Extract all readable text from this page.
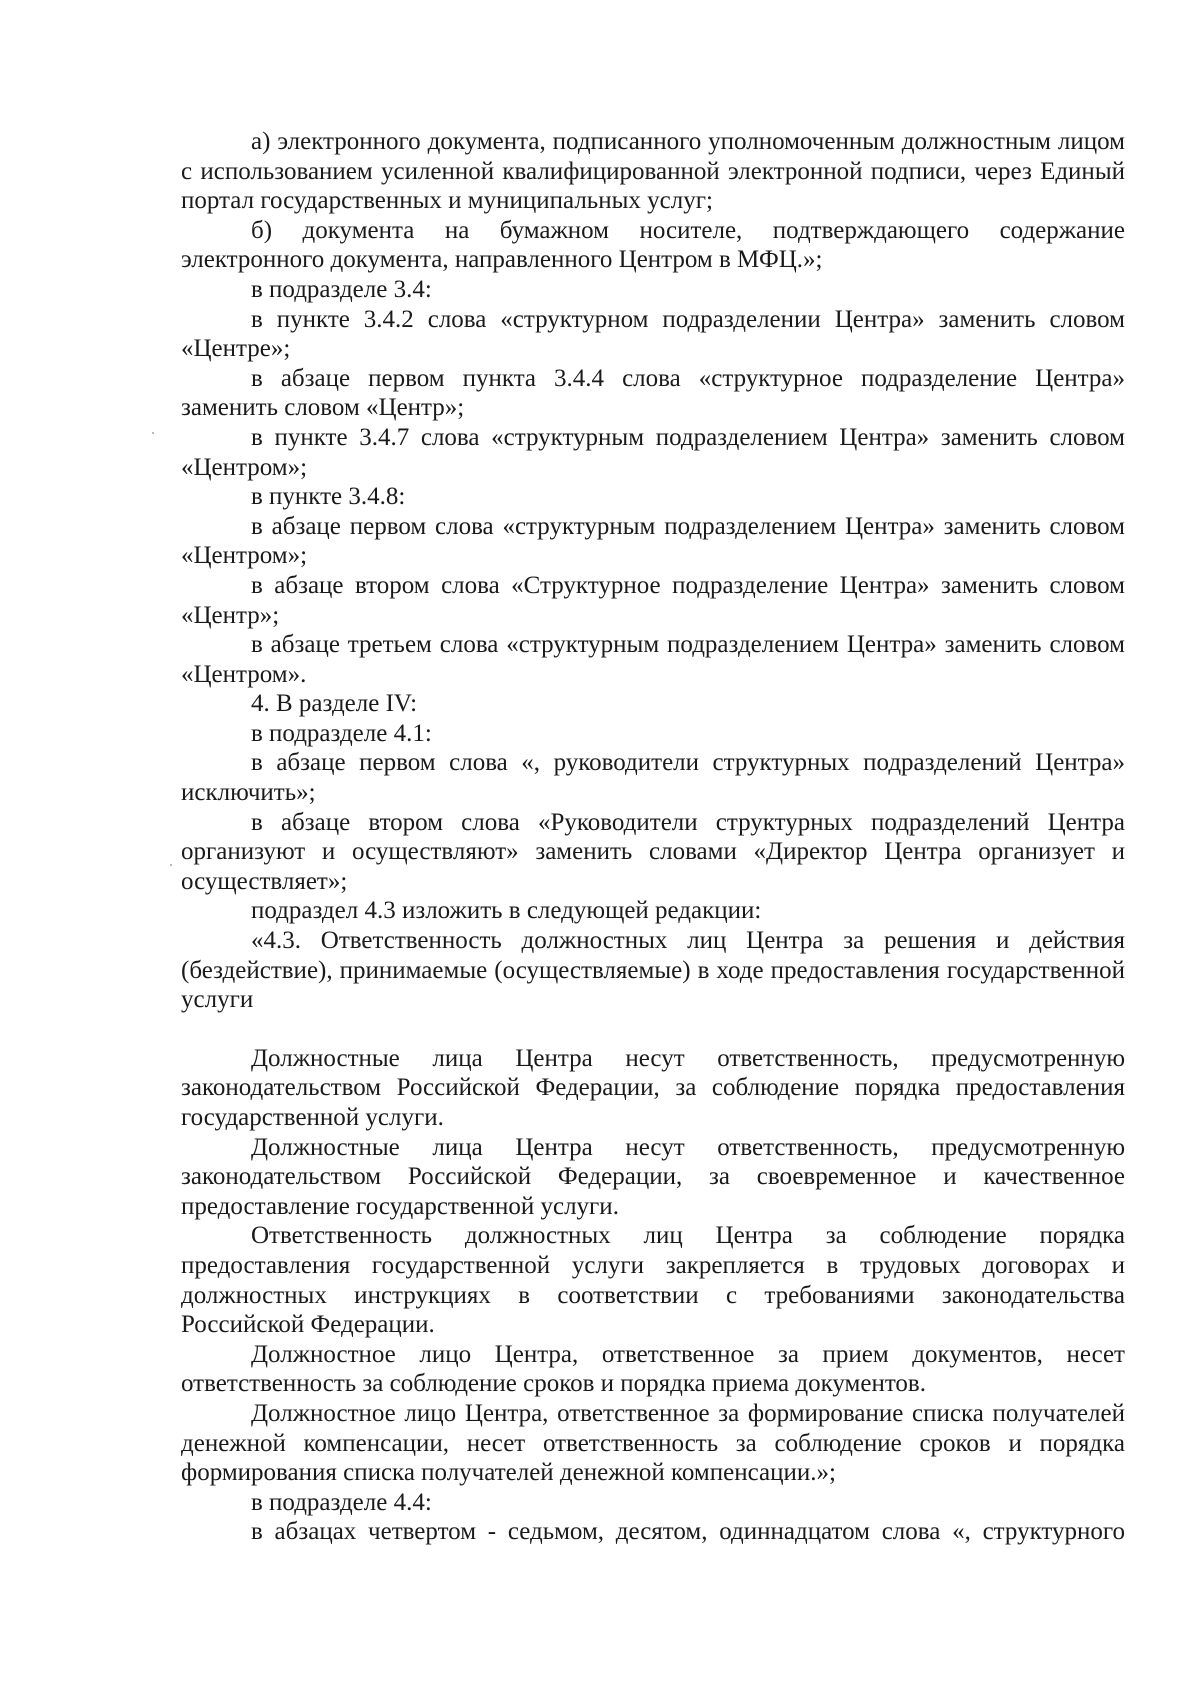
а) электронного документа, подписанного уполномоченным должностным лицом с использованием усиленной квалифицированной электронной подписи, через Единый портал государственных и муниципальных услуг;

б) документа на бумажном носителе, подтверждающего содержание электронного документа, направленного Центром в МФЦ.»;

в подразделе 3.4:

в пункте 3.4.2 слова «структурном подразделении Центра» заменить словом «Центре»;

в абзаце первом пункта 3.4.4 слова «структурное подразделение Центра» заменить словом «Центр»;

в пункте 3.4.7 слова «структурным подразделением Центра» заменить словом «Центром»;

в пункте 3.4.8:

в абзаце первом слова «структурным подразделением Центра» заменить словом «Центром»;

в абзаце втором слова «Структурное подразделение Центра» заменить словом «Центр»;

в абзаце третьем слова «структурным подразделением Центра» заменить словом «Центром».

4. В разделе IV:

в подразделе 4.1:

в абзаце первом слова «, руководители структурных подразделений Центра» исключить»;

в абзаце втором слова «Руководители структурных подразделений Центра организуют и осуществляют» заменить словами «Директор Центра организует и осуществляет»;

подраздел 4.3 изложить в следующей редакции:

«4.3. Ответственность должностных лиц Центра за решения и действия (бездействие), принимаемые (осуществляемые) в ходе предоставления государственной услуги

Должностные лица Центра несут ответственность, предусмотренную законодательством Российской Федерации, за соблюдение порядка предоставления государственной услуги.

Должностные лица Центра несут ответственность, предусмотренную законодательством Российской Федерации, за своевременное и качественное предоставление государственной услуги.

Ответственность должностных лиц Центра за соблюдение порядка предоставления государственной услуги закрепляется в трудовых договорах и должностных инструкциях в соответствии с требованиями законодательства Российской Федерации.

Должностное лицо Центра, ответственное за прием документов, несет ответственность за соблюдение сроков и порядка приема документов.

Должностное лицо Центра, ответственное за формирование списка получателей денежной компенсации, несет ответственность за соблюдение сроков и порядка формирования списка получателей денежной компенсации.»;

в подразделе 4.4:

в абзацах четвертом - седьмом, десятом, одиннадцатом слова «, структурного
